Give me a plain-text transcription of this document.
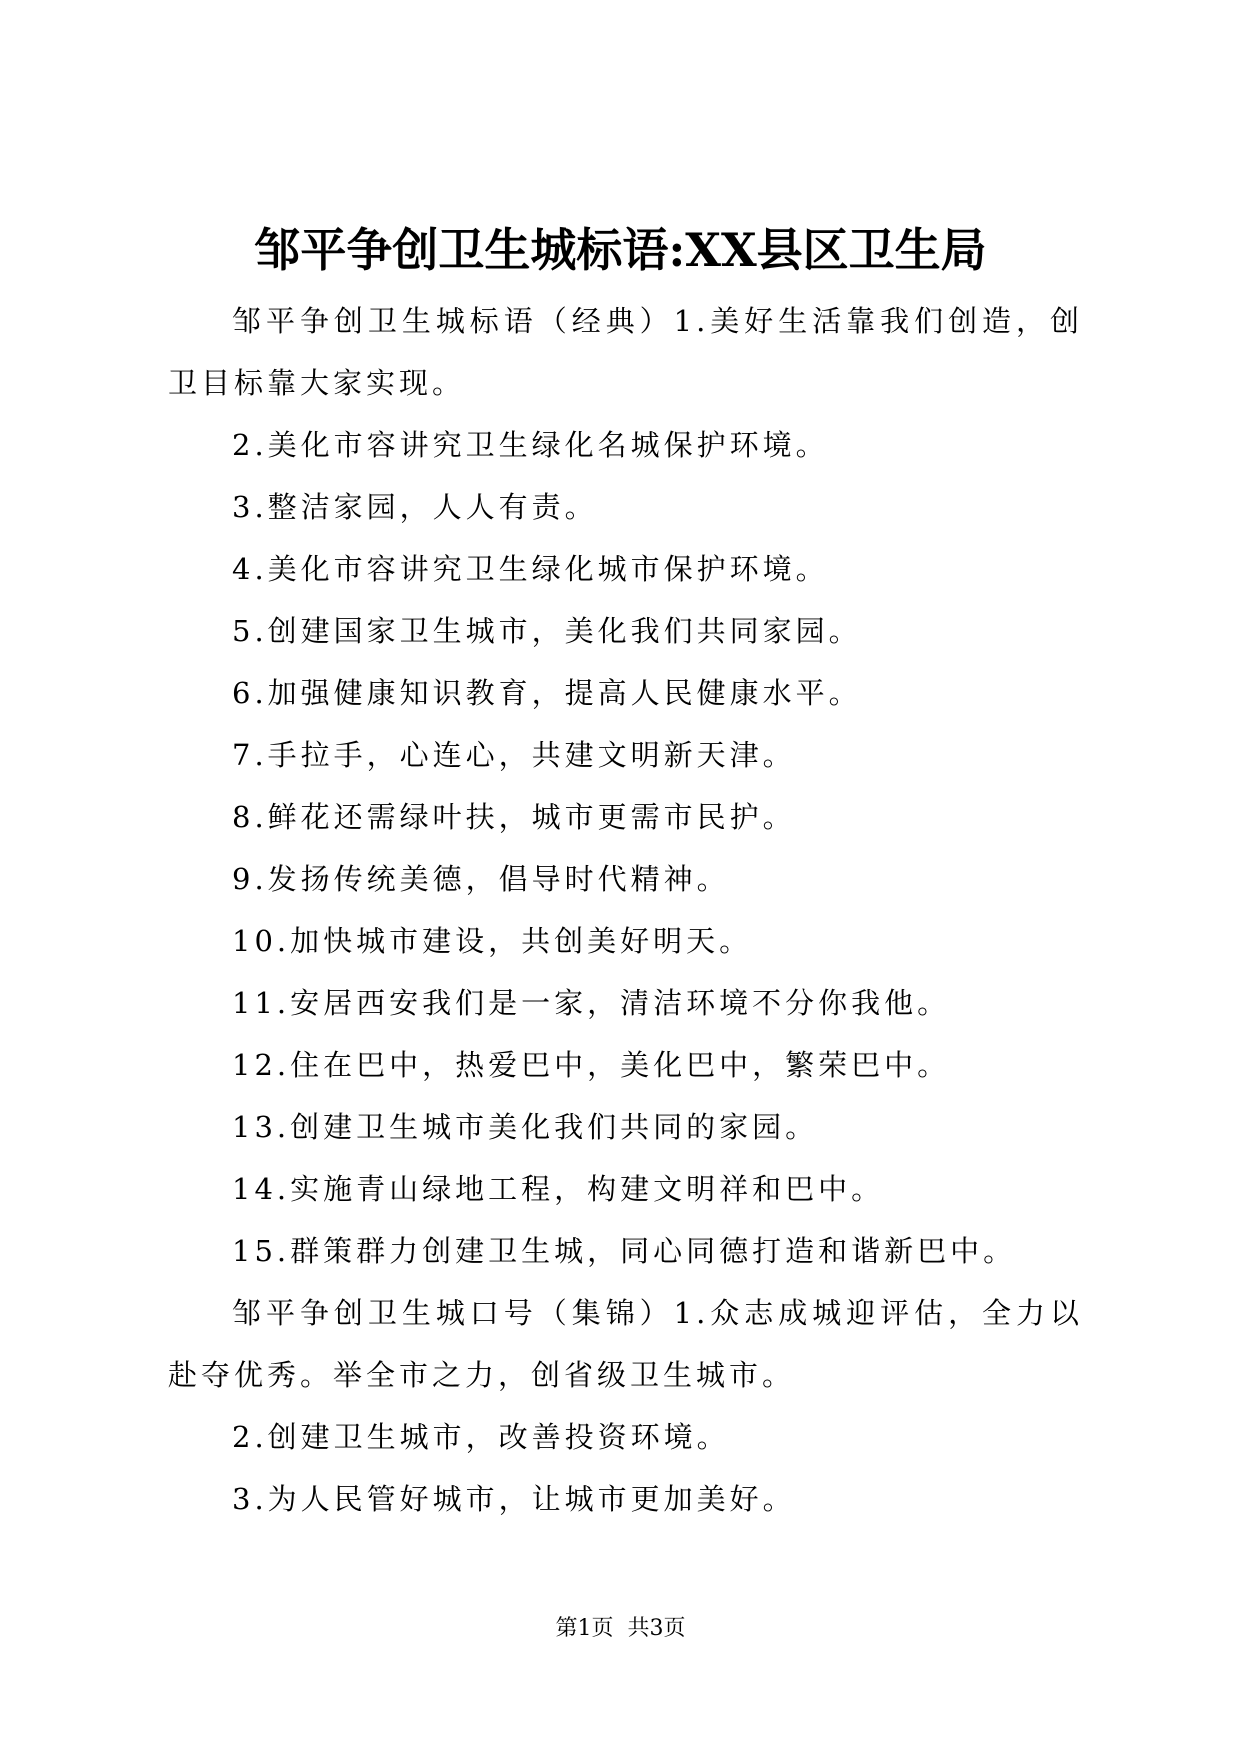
邹平争创卫生城标语:XX县区卫生局

邹平争创卫生城标语（经典）1.美好生活靠我们创造，创卫目标靠大家实现。

2.美化市容讲究卫生绿化名城保护环境。

3.整洁家园，人人有责。

4.美化市容讲究卫生绿化城市保护环境。

5.创建国家卫生城市，美化我们共同家园。

6.加强健康知识教育，提高人民健康水平。

7.手拉手，心连心，共建文明新天津。

8.鲜花还需绿叶扶，城市更需市民护。

9.发扬传统美德，倡导时代精神。

10.加快城市建设，共创美好明天。

11.安居西安我们是一家，清洁环境不分你我他。

12.住在巴中，热爱巴中，美化巴中，繁荣巴中。

13.创建卫生城市美化我们共同的家园。

14.实施青山绿地工程，构建文明祥和巴中。

15.群策群力创建卫生城，同心同德打造和谐新巴中。

邹平争创卫生城口号（集锦）1.众志成城迎评估，全力以赴夺优秀。举全市之力，创省级卫生城市。

2.创建卫生城市，改善投资环境。

3.为人民管好城市，让城市更加美好。

第1页 共3页
